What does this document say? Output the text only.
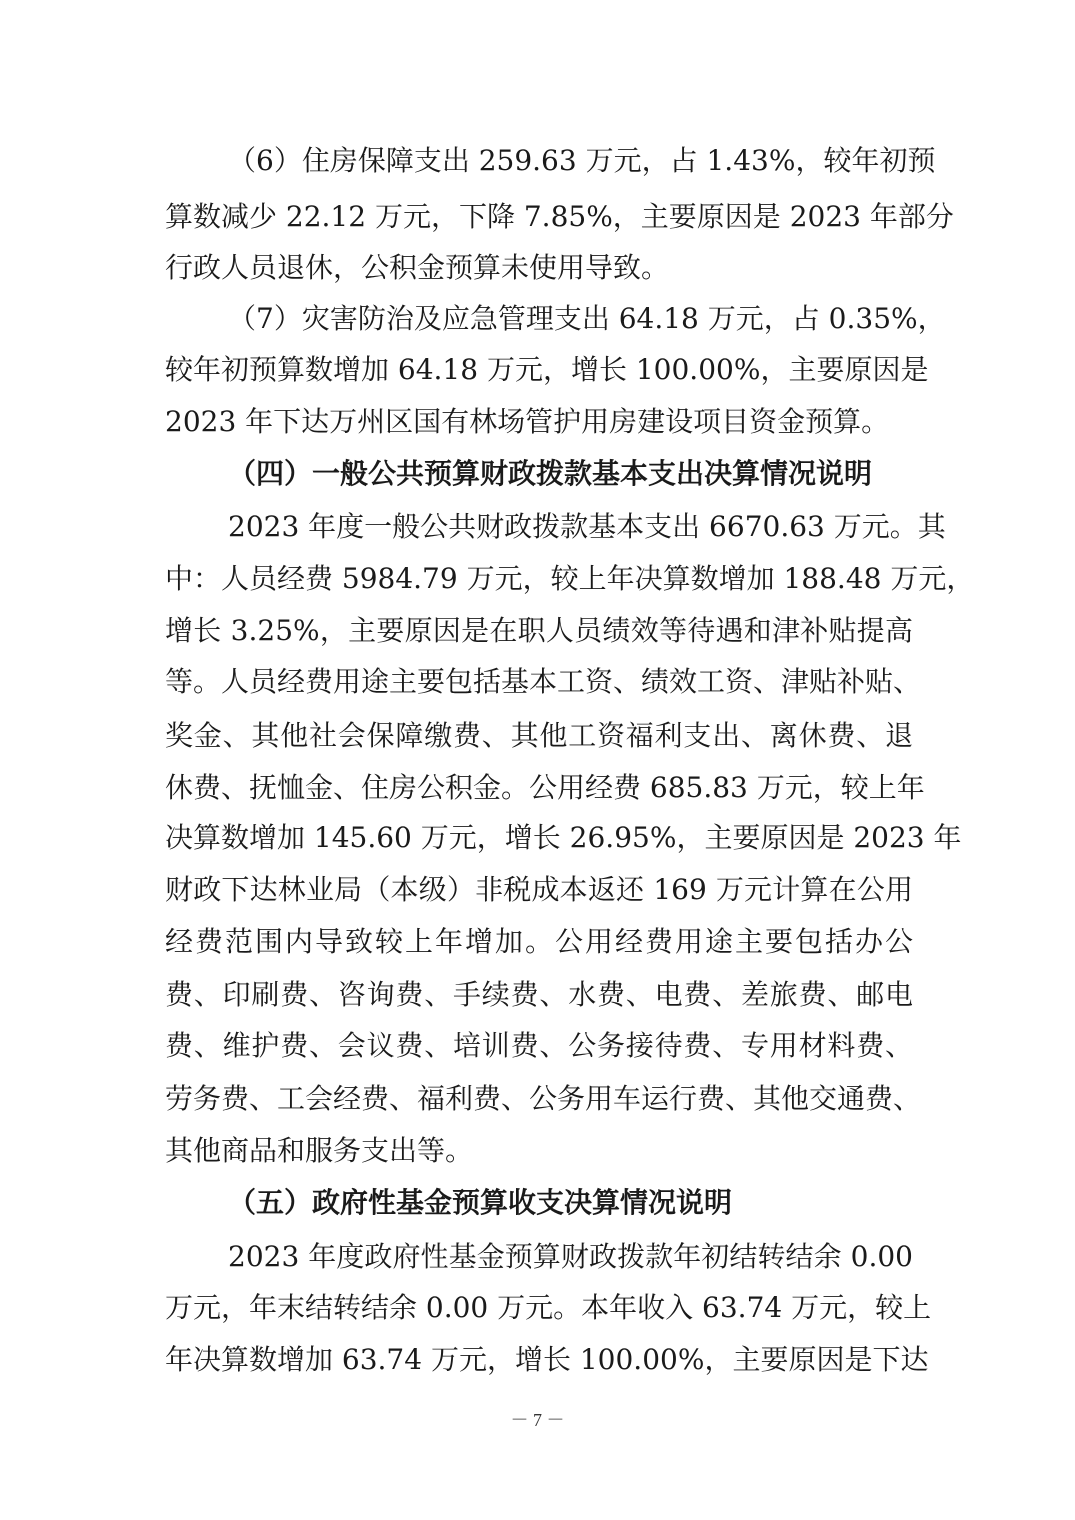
（6）住房保障支出 259.63 万元，占 1.43%，较年初预
算数减少 22.12 万元，下降 7.85%，主要原因是 2023 年部分
行政人员退休，公积金预算未使用导致。
（7）灾害防治及应急管理支出 64.18 万元，占 0.35%，
较年初预算数增加 64.18 万元，增长 100.00%，主要原因是
2023 年下达万州区国有林场管护用房建设项目资金预算。
（四）一般公共预算财政拨款基本支出决算情况说明
2023 年度一般公共财政拨款基本支出 6670.63 万元。其
中：人员经费 5984.79 万元，较上年决算数增加 188.48 万元，
增长 3.25%，主要原因是在职人员绩效等待遇和津补贴提高
等。人员经费用途主要包括基本工资、绩效工资、津贴补贴、
奖金、其他社会保障缴费、其他工资福利支出、离休费、退
休费、抚恤金、住房公积金。公用经费 685.83 万元，较上年
决算数增加 145.60 万元，增长 26.95%，主要原因是 2023 年
财政下达林业局（本级）非税成本返还 169 万元计算在公用
经费范围内导致较上年增加。公用经费用途主要包括办公
费、印刷费、咨询费、手续费、水费、电费、差旅费、邮电
费、维护费、会议费、培训费、公务接待费、专用材料费、
劳务费、工会经费、福利费、公务用车运行费、其他交通费、
其他商品和服务支出等。
（五）政府性基金预算收支决算情况说明
2023 年度政府性基金预算财政拨款年初结转结余 0.00
万元，年末结转结余 0.00 万元。本年收入 63.74 万元，较上
年决算数增加 63.74 万元，增长 100.00%，主要原因是下达
－ 7 －
